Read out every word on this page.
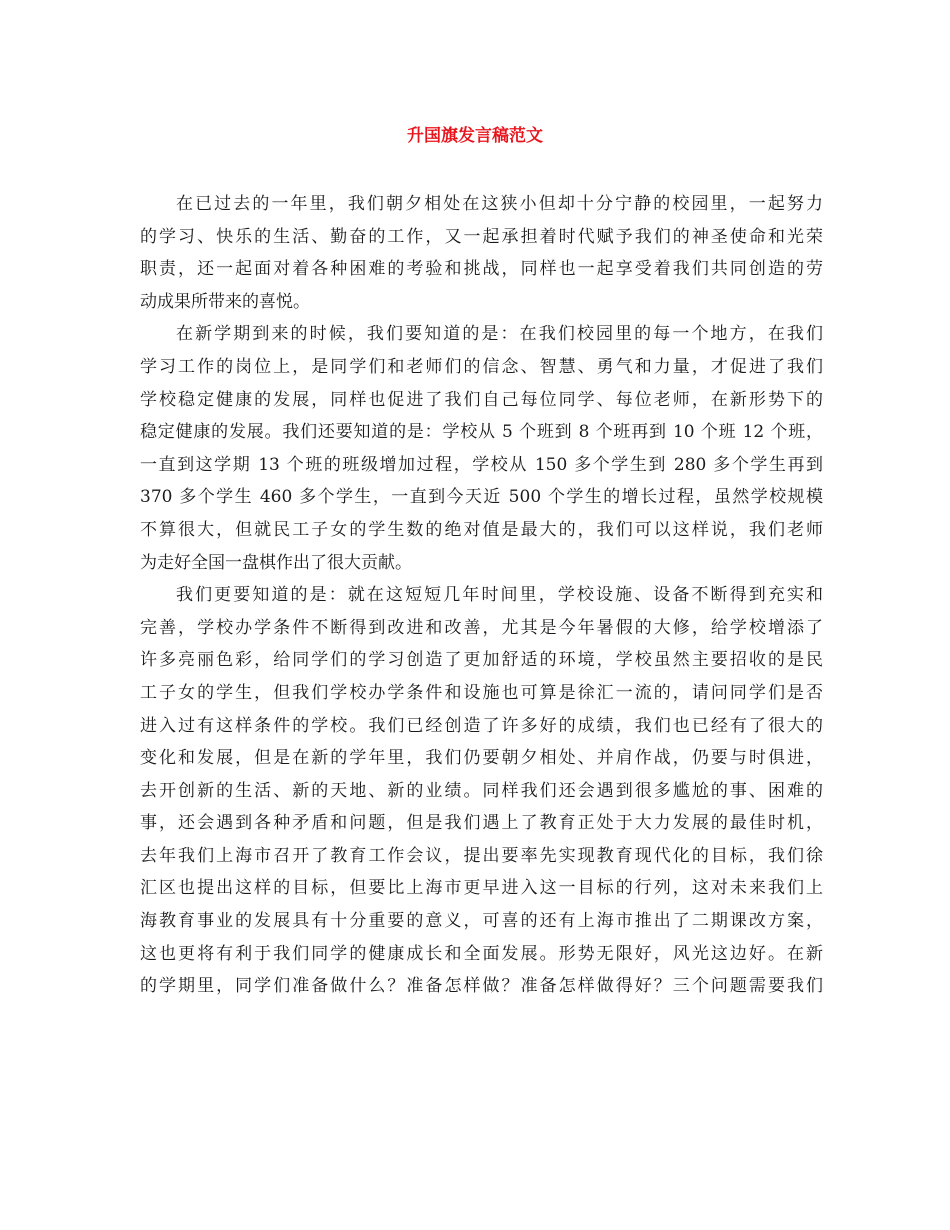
升国旗发言稿范文
在已过去的一年里，我们朝夕相处在这狭小但却十分宁静的校园里，一起努力
的学习、快乐的生活、勤奋的工作，又一起承担着时代赋予我们的神圣使命和光荣
职责，还一起面对着各种困难的考验和挑战，同样也一起享受着我们共同创造的劳
动成果所带来的喜悦。
在新学期到来的时候，我们要知道的是：在我们校园里的每一个地方，在我们
学习工作的岗位上，是同学们和老师们的信念、智慧、勇气和力量，才促进了我们
学校稳定健康的发展，同样也促进了我们自己每位同学、每位老师，在新形势下的
稳定健康的发展。我们还要知道的是：学校从 5 个班到 8 个班再到 10 个班 12 个班，
一直到这学期 13 个班的班级增加过程，学校从 150 多个学生到 280 多个学生再到
370 多个学生 460 多个学生，一直到今天近 500 个学生的增长过程，虽然学校规模
不算很大，但就民工子女的学生数的绝对值是最大的，我们可以这样说，我们老师
为走好全国一盘棋作出了很大贡献。
我们更要知道的是：就在这短短几年时间里，学校设施、设备不断得到充实和
完善，学校办学条件不断得到改进和改善，尤其是今年暑假的大修，给学校增添了
许多亮丽色彩，给同学们的学习创造了更加舒适的环境，学校虽然主要招收的是民
工子女的学生，但我们学校办学条件和设施也可算是徐汇一流的，请问同学们是否
进入过有这样条件的学校。我们已经创造了许多好的成绩，我们也已经有了很大的
变化和发展，但是在新的学年里，我们仍要朝夕相处、并肩作战，仍要与时俱进，
去开创新的生活、新的天地、新的业绩。同样我们还会遇到很多尴尬的事、困难的
事，还会遇到各种矛盾和问题，但是我们遇上了教育正处于大力发展的最佳时机，
去年我们上海市召开了教育工作会议，提出要率先实现教育现代化的目标，我们徐
汇区也提出这样的目标，但要比上海市更早进入这一目标的行列，这对未来我们上
海教育事业的发展具有十分重要的意义，可喜的还有上海市推出了二期课改方案，
这也更将有利于我们同学的健康成长和全面发展。形势无限好，风光这边好。在新
的学期里，同学们准备做什么？准备怎样做？准备怎样做得好？三个问题需要我们
